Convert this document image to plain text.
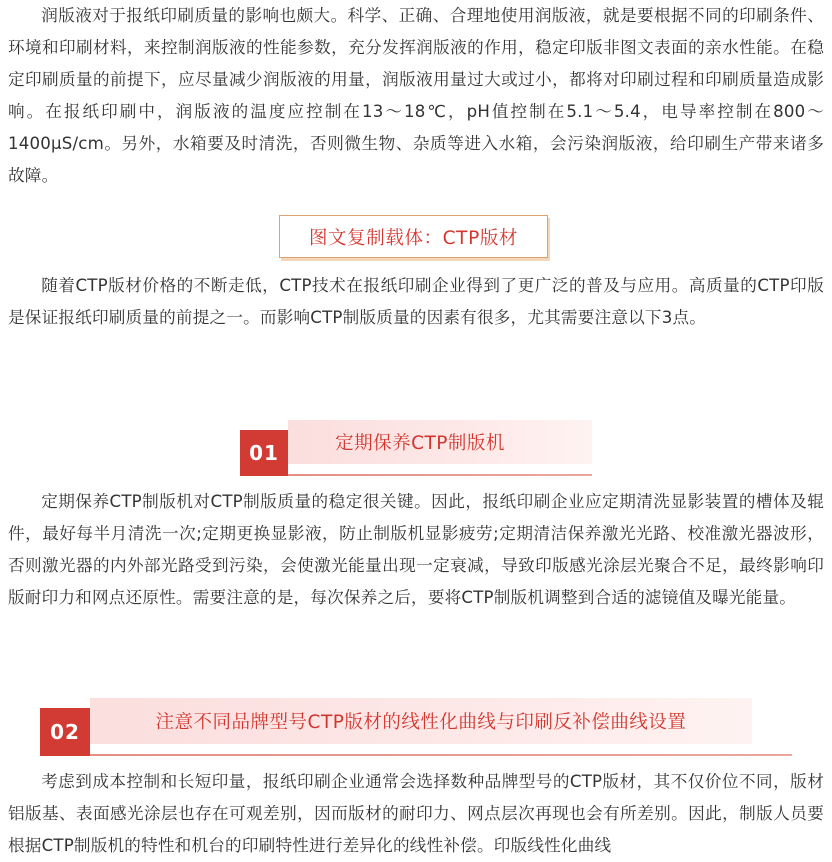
润版液对于报纸印刷质量的影响也颇大。科学、正确、合理地使用润版液，就是要根据不同的印刷条件、环境和印刷材料，来控制润版液的性能参数，充分发挥润版液的作用，稳定印版非图文表面的亲水性能。在稳定印刷质量的前提下，应尽量减少润版液的用量，润版液用量过大或过小，都将对印刷过程和印刷质量造成影响。在报纸印刷中，润版液的温度应控制在13～18℃，pH值控制在5.1～5.4，电导率控制在800～1400μS/cm。另外，水箱要及时清洗，否则微生物、杂质等进入水箱，会污染润版液，给印刷生产带来诸多故障。

图文复制载体：CTP版材

随着CTP版材价格的不断走低，CTP技术在报纸印刷企业得到了更广泛的普及与应用。高质量的CTP印版是保证报纸印刷质量的前提之一。而影响CTP制版质量的因素有很多，尤其需要注意以下3点。

定期保养CTP制版机
01

定期保养CTP制版机对CTP制版质量的稳定很关键。因此，报纸印刷企业应定期清洗显影装置的槽体及辊件，最好每半月清洗一次;定期更换显影液，防止制版机显影疲劳;定期清洁保养激光光路、校准激光器波形，否则激光器的内外部光路受到污染，会使激光能量出现一定衰减，导致印版感光涂层光聚合不足，最终影响印版耐印力和网点还原性。需要注意的是，每次保养之后，要将CTP制版机调整到合适的滤镜值及曝光能量。

注意不同品牌型号CTP版材的线性化曲线与印刷反补偿曲线设置
02

考虑到成本控制和长短印量，报纸印刷企业通常会选择数种品牌型号的CTP版材，其不仅价位不同，版材铝版基、表面感光涂层也存在可观差别，因而版材的耐印力、网点层次再现也会有所差别。因此，制版人员要根据CTP制版机的特性和机台的印刷特性进行差异化的线性补偿。印版线性化曲线
